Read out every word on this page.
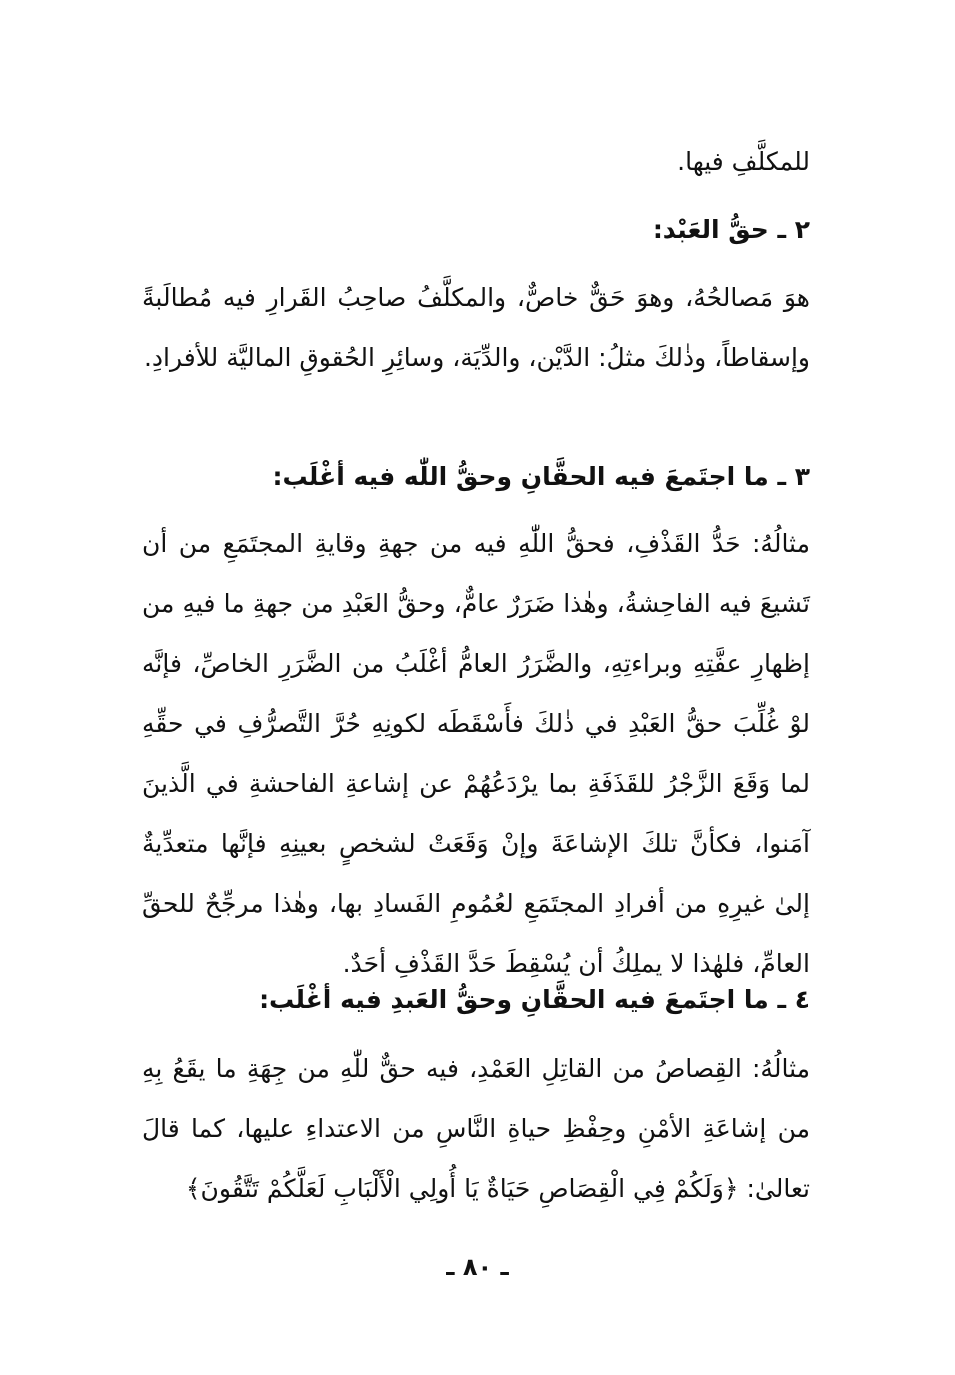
للمكلَّفِ فيها.

٢ ـ حقُّ العَبْد:

هوَ مَصالحُهُ، وهوَ حَقٌّ خاصٌّ، والمكلَّفُ صاحِبُ القَرارِ فيه مُطالَبةً وإسقاطاً، وذٰلكَ مثلُ: الدَّيْن، والدِّيَة، وسائِرِ الحُقوقِ الماليَّة للأفرادِ.

٣ ـ ما اجتَمعَ فيه الحقَّانِ وحقُّ اللّٰه فيه أغْلَب:

مثالُهُ: حَدُّ القَذْفِ، فحقُّ اللّٰهِ فيه من جهةِ وقايةِ المجتَمَعِ من أن تَشيعَ فيه الفاحِشةُ، وهٰذا ضَرَرٌ عامٌّ، وحقُّ العَبْدِ من جهةِ ما فيهِ من إظهارِ عفَّتِهِ وبراءتِهِ، والضَّرَرُ العامُّ أغْلَبُ من الضَّرَرِ الخاصِّ، فإنَّه لوْ غُلِّبَ حقُّ العَبْدِ في ذٰلكَ فأَسْقَطَه لكونِهِ حُرَّ التَّصرُّفِ في حقِّهِ لما وَقَعَ الزَّجْرُ للقَذَفَةِ بما يرْدَعُهُمْ عن إشاعةِ الفاحشةِ في الَّذينَ آمَنوا، فكأنَّ تلكَ الإشاعَةَ وإنْ وَقَعَتْ لشخصٍ بعينِهِ فإنَّها متعدِّيةٌ إلىٰ غيرِهِ من أفرادِ المجتَمَعِ لعُمُومِ الفَسادِ بها، وهٰذا مرجِّحٌ للحقِّ العامِّ، فلهٰذا لا يملِكُ أن يُسْقِطَ حَدَّ القَذْفِ أحَدٌ.

٤ ـ ما اجتَمعَ فيه الحقَّانِ وحقُّ العَبدِ فيه أغْلَب:

مثالُهُ: القِصاصُ من القاتِلِ العَمْدِ، فيه حقٌّ للّٰهِ من جِهَةِ ما يقَعُ بِهِ من إشاعَةِ الأمْنِ وحِفْظِ حياةِ النَّاسِ من الاعتداءِ عليها، كما قالَ تعالىٰ: ﴿وَلَكُمْ فِي الْقِصَاصِ حَيَاةٌ يَا أُولِي الْأَلْبَابِ لَعَلَّكُمْ تَتَّقُونَ﴾

ـ ٨٠ ـ
